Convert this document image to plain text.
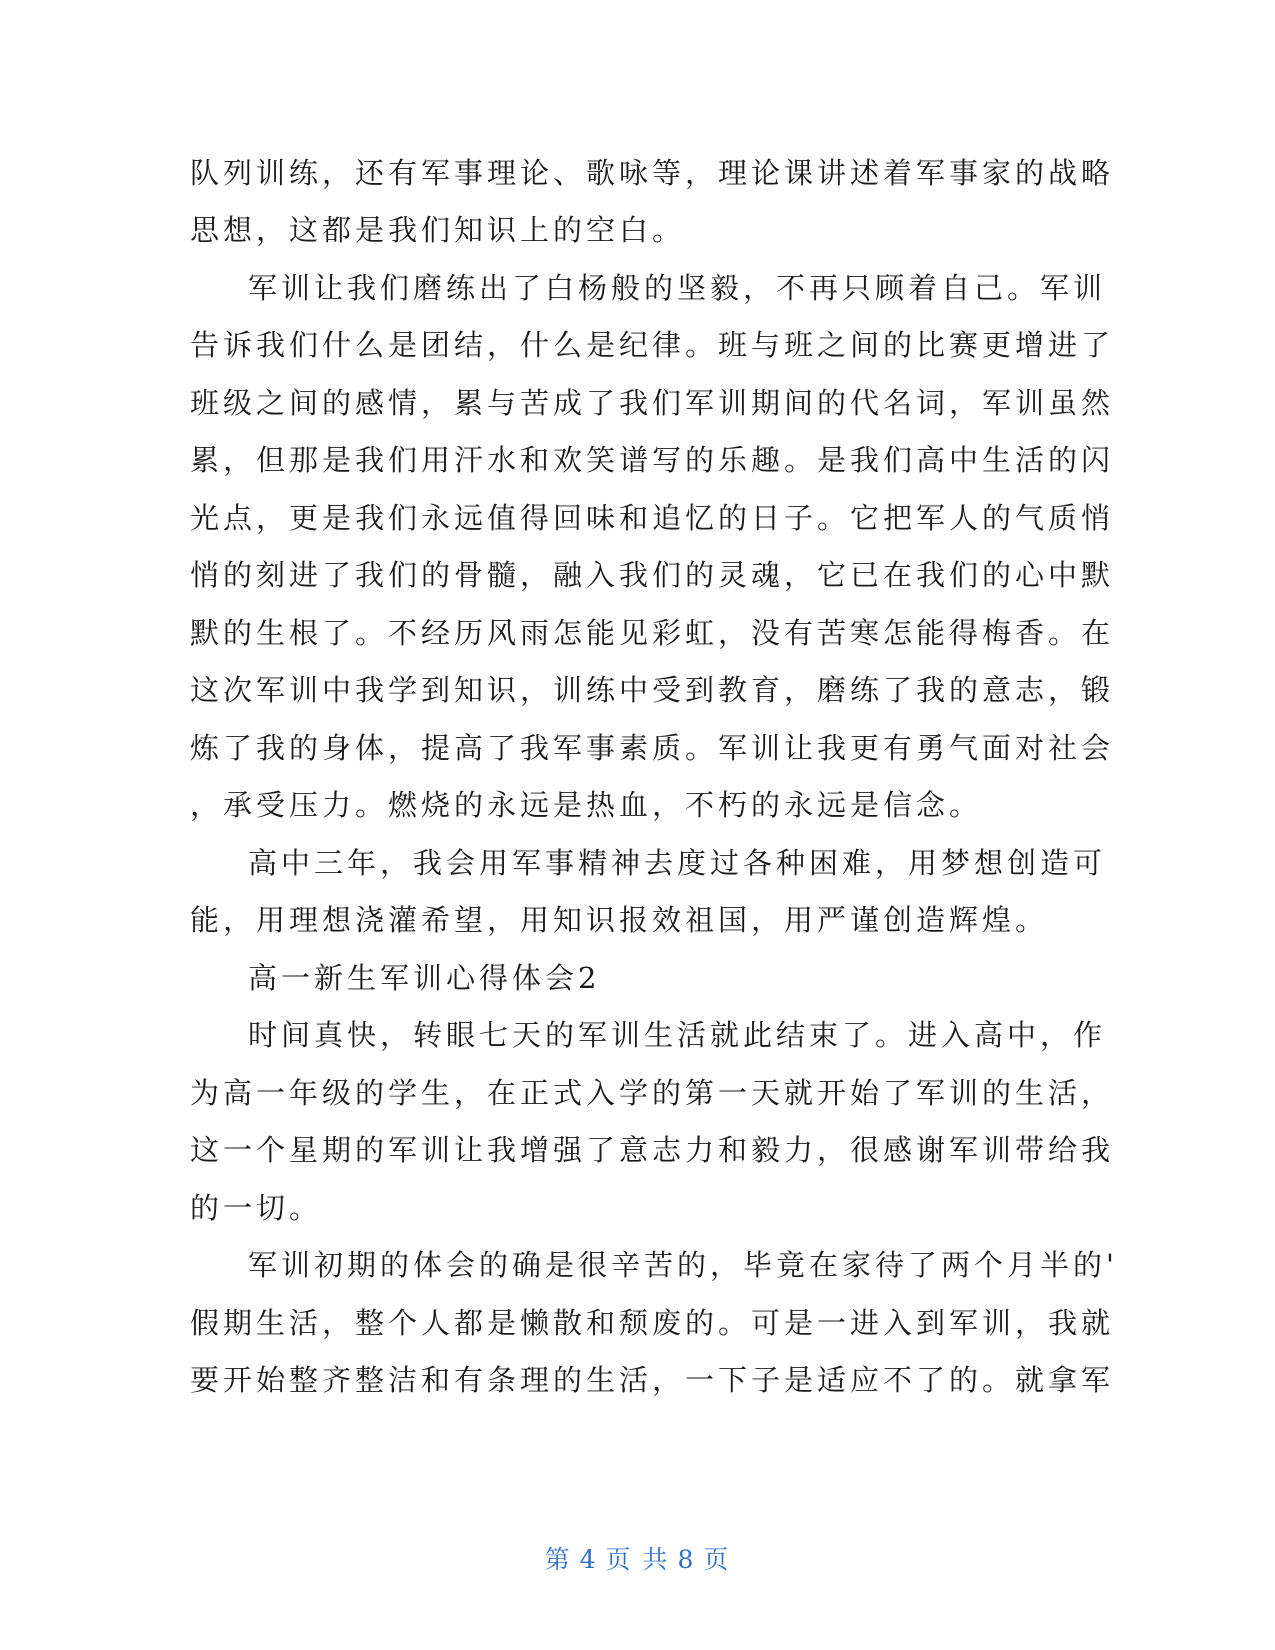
队列训练，还有军事理论、歌咏等，理论课讲述着军事家的战略
思想，这都是我们知识上的空白。
军训让我们磨练出了白杨般的坚毅，不再只顾着自己。军训
告诉我们什么是团结，什么是纪律。班与班之间的比赛更增进了
班级之间的感情，累与苦成了我们军训期间的代名词，军训虽然
累，但那是我们用汗水和欢笑谱写的乐趣。是我们高中生活的闪
光点，更是我们永远值得回味和追忆的日子。它把军人的气质悄
悄的刻进了我们的骨髓，融入我们的灵魂，它已在我们的心中默
默的生根了。不经历风雨怎能见彩虹，没有苦寒怎能得梅香。在
这次军训中我学到知识，训练中受到教育，磨练了我的意志，锻
炼了我的身体，提高了我军事素质。军训让我更有勇气面对社会
，承受压力。燃烧的永远是热血，不朽的永远是信念。
高中三年，我会用军事精神去度过各种困难，用梦想创造可
能，用理想浇灌希望，用知识报效祖国，用严谨创造辉煌。
高一新生军训心得体会2
时间真快，转眼七天的军训生活就此结束了。进入高中，作
为高一年级的学生，在正式入学的第一天就开始了军训的生活，
这一个星期的军训让我增强了意志力和毅力，很感谢军训带给我
的一切。
军训初期的体会的确是很辛苦的，毕竟在家待了两个月半的'
假期生活，整个人都是懒散和颓废的。可是一进入到军训，我就
要开始整齐整洁和有条理的生活，一下子是适应不了的。就拿军
第 4 页 共 8 页
